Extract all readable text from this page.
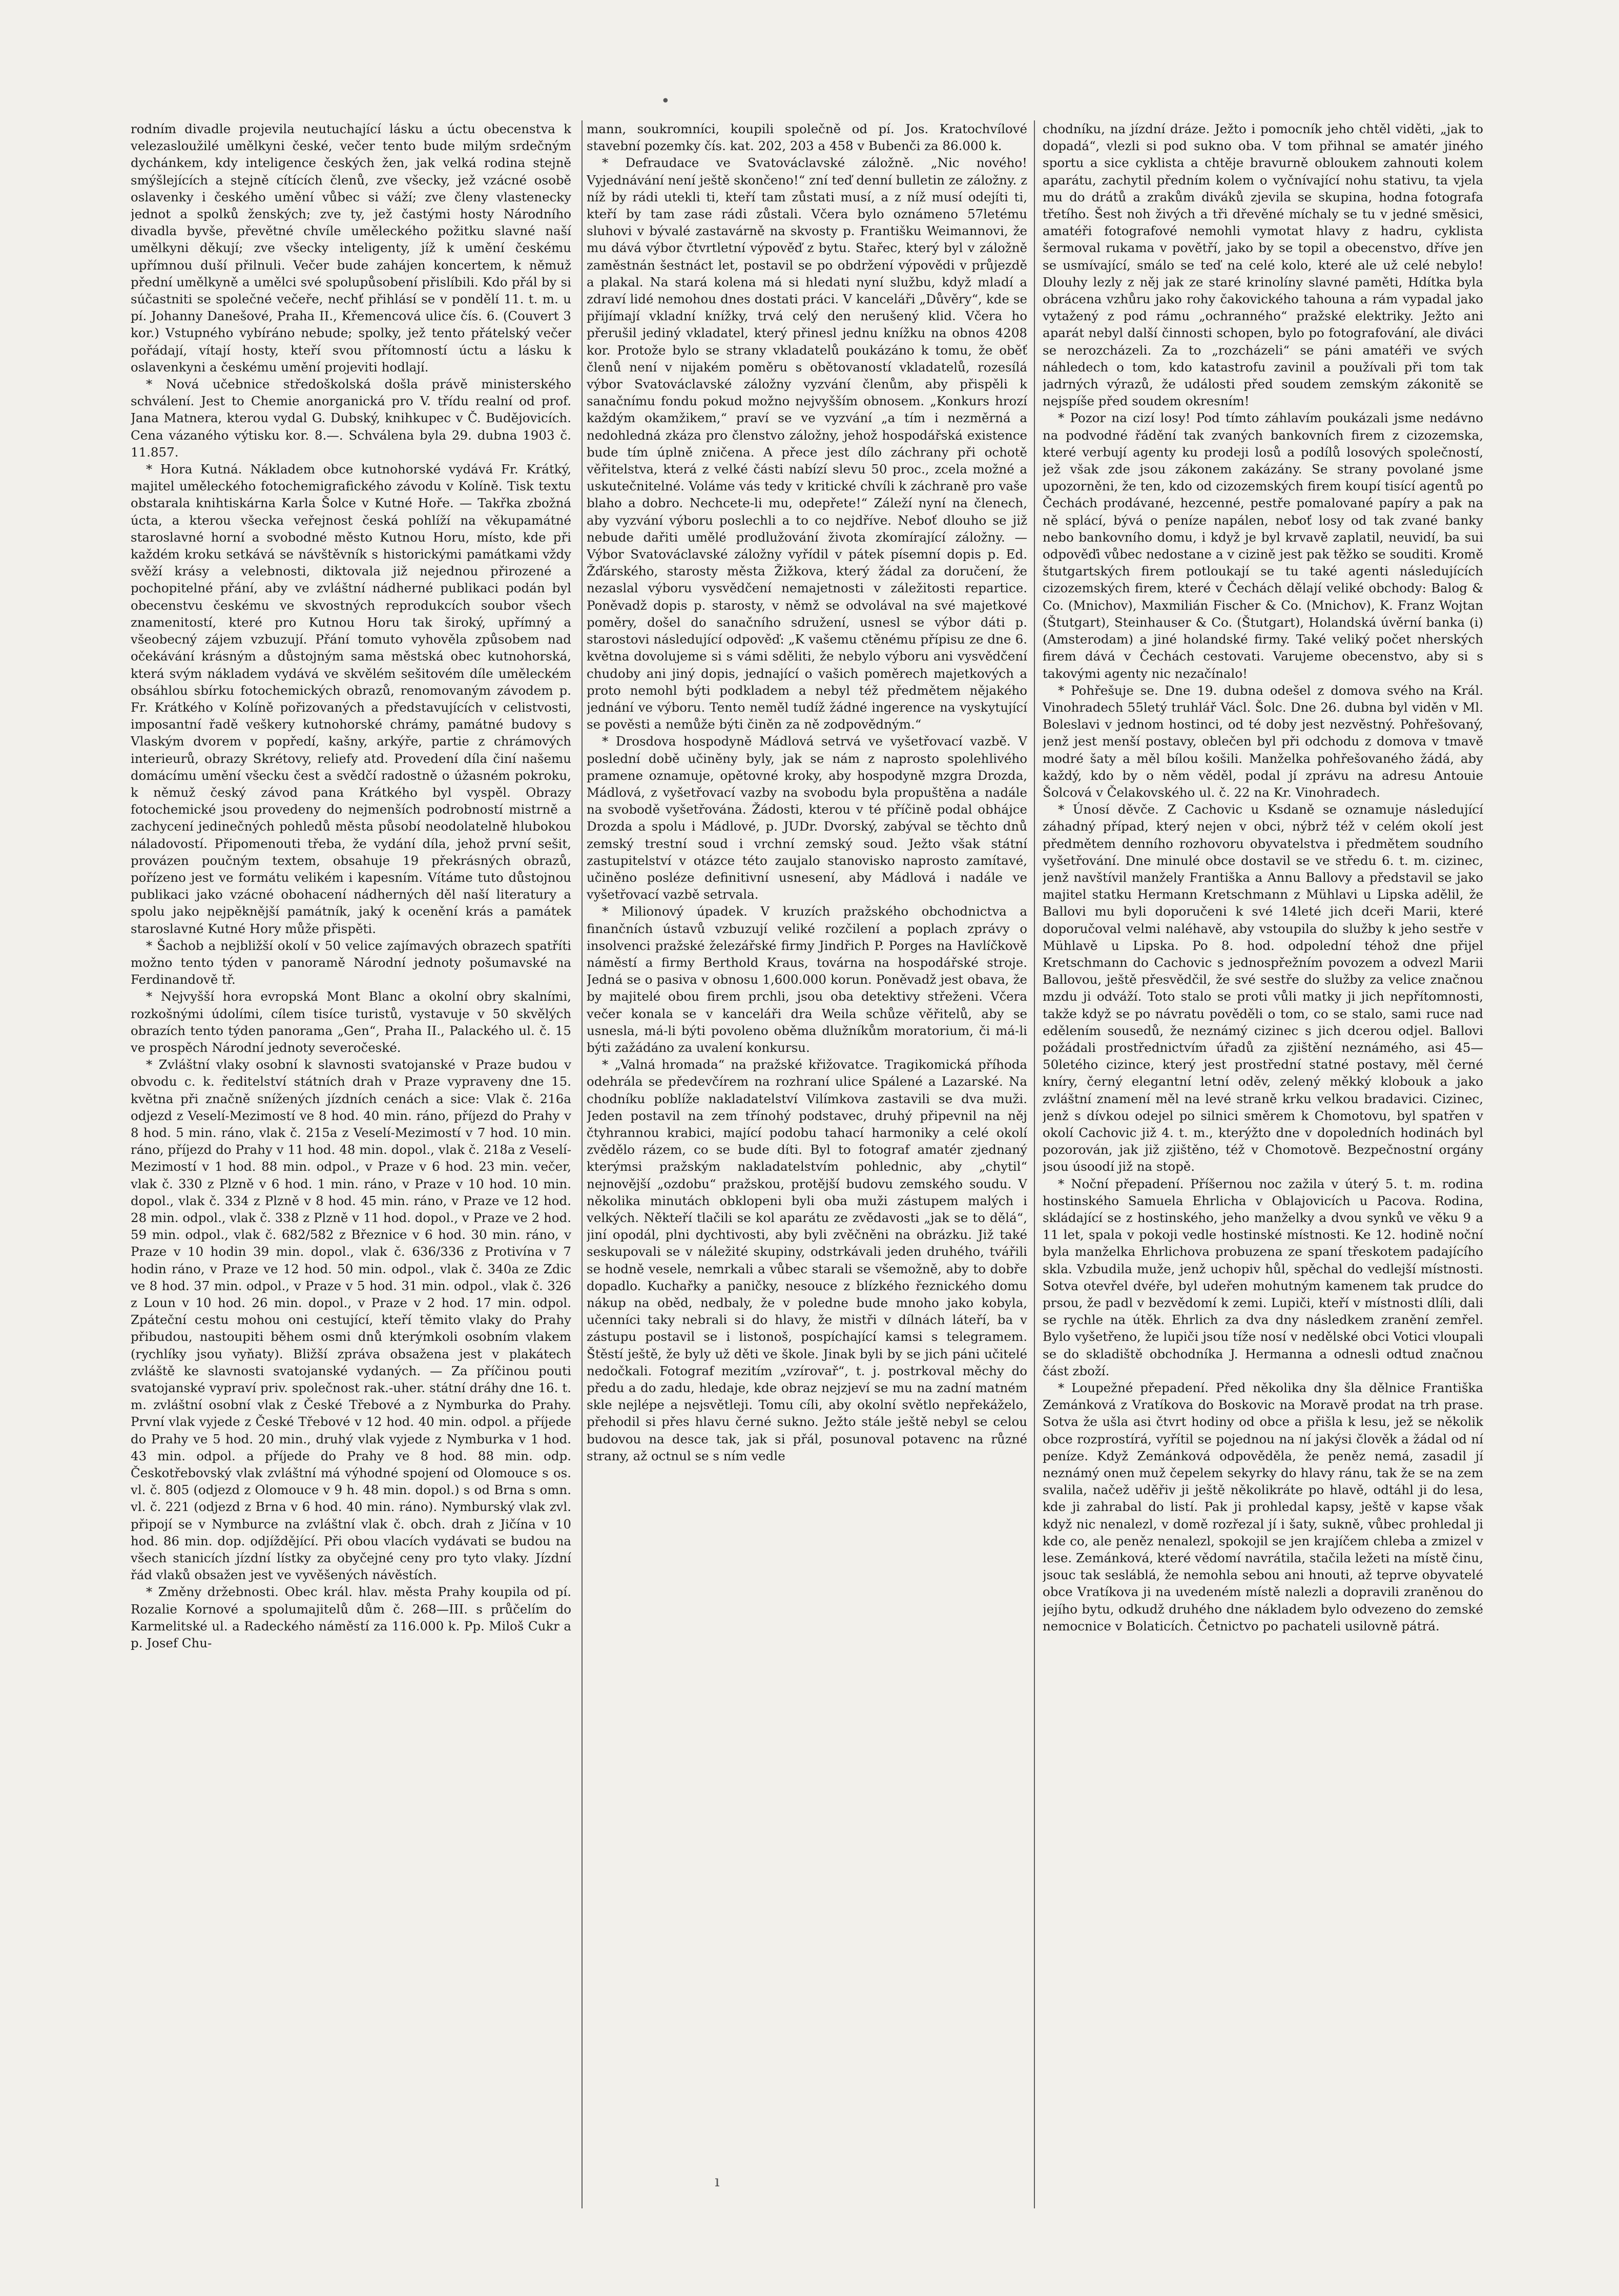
•
ı

rodním divadle projevila neutuchající lásku a úctu obecenstva k velezasloužilé umělkyni české, večer tento bude milým srdečným dychánkem, kdy inteligence českých žen, jak velká rodina stejně smýšlejících a stejně cítících členů, zve všecky, jež vzácné osobě oslavenky i českého umění vůbec si váží; zve členy vlastenecky jednot a spolků ženských; zve ty, jež častými hosty Národního divadla byvše, převětné chvíle uměleckého požitku slavné naší umělkyni děkují; zve všecky inteligenty, jíž k umění českému upřímnou duší přilnuli. Večer bude zahájen koncertem, k němuž přední umělkyně a umělci své spolupůsobení přislíbili. Kdo přál by si súčastniti se společné večeře, nechť přihlásí se v pondělí 11. t. m. u pí. Johanny Danešové, Praha II., Křemencová ulice čís. 6. (Couvert 3 kor.) Vstupného vybíráno nebude; spolky, jež tento přátelský večer pořádají, vítají hosty, kteří svou přítomností úctu a lásku k oslavenkyni a českému umění projeviti hodlají.

* Nová učebnice středoškolská došla právě ministerského schválení. Jest to Chemie anorganická pro V. třídu realní od prof. Jana Matnera, kterou vydal G. Dubský, knihkupec v Č. Budějovicích. Cena vázaného výtisku kor. 8.—. Schválena byla 29. dubna 1903 č. 11.857.

* Hora Kutná. Nákladem obce kutnohorské vydává Fr. Krátký, majitel uměleckého fotochemigrafického závodu v Kolíně. Tisk textu obstarala knihtiskárna Karla Šolce v Kutné Hoře. — Takřka zbožná úcta, a kterou všecka veřejnost česká pohlíží na věkupamátné staroslavné horní a svobodné město Kutnou Horu, místo, kde při každém kroku setkává se návštěvník s historickými památkami vždy svěží krásy a velebnosti, diktovala již nejednou přirozené a pochopitelné přání, aby ve zvláštní nádherné publikaci podán byl obecenstvu českému ve skvostných reprodukcích soubor všech znamenitostí, které pro Kutnou Horu tak široký, upřímný a všeobecný zájem vzbuzují. Přání tomuto vyhověla způsobem nad očekávání krásným a důstojným sama městská obec kutnohorská, která svým nákladem vydává ve skvělém sešitovém díle uměleckém obsáhlou sbírku fotochemických obrazů, renomovaným závodem p. Fr. Krátkého v Kolíně pořizovaných a představujících v celistvosti, imposantní řadě veškery kutnohorské chrámy, památné budovy s Vlaským dvorem v popředí, kašny, arkýře, partie z chrámových interieurů, obrazy Skrétovy, reliefy atd. Provedení díla činí našemu domácímu umění všecku čest a svědčí radostně o úžasném pokroku, k němuž český závod pana Krátkého byl vyspěl. Obrazy fotochemické jsou provedeny do nejmenších podrobností mistrně a zachycení jedinečných pohledů města působí neodolatelně hlubokou náladovostí. Připomenouti třeba, že vydání díla, jehož první sešit, provázen poučným textem, obsahuje 19 překrásných obrazů, pořízeno jest ve formátu velikém i kapesním. Vítáme tuto důstojnou publikaci jako vzácné obohacení nádherných děl naší literatury a spolu jako nejpěknější památník, jaký k ocenění krás a památek staroslavné Kutné Hory může přispěti.

* Šachob a nejbližší okolí v 50 velice zajímavých obrazech spatříti možno tento týden v panoramě Národní jednoty pošumavské na Ferdinandově tř.

* Nejvyšší hora evropská Mont Blanc a okolní obry skalními, rozkošnými údolími, cílem tisíce turistů, vystavuje v 50 skvělých obrazích tento týden panorama „Gen“, Praha II., Palackého ul. č. 15 ve prospěch Národní jednoty severočeské.

* Zvláštní vlaky osobní k slavnosti svatojanské v Praze budou v obvodu c. k. ředitelství státních drah v Praze vypraveny dne 15. května při značně snížených jízdních cenách a sice: Vlak č. 216a odjezd z Veselí-Mezimostí ve 8 hod. 40 min. ráno, příjezd do Prahy v 8 hod. 5 min. ráno, vlak č. 215a z Veselí-Mezimostí v 7 hod. 10 min. ráno, příjezd do Prahy v 11 hod. 48 min. dopol., vlak č. 218a z Veselí-Mezimostí v 1 hod. 88 min. odpol., v Praze v 6 hod. 23 min. večer, vlak č. 330 z Plzně v 6 hod. 1 min. ráno, v Praze v 10 hod. 10 min. dopol., vlak č. 334 z Plzně v 8 hod. 45 min. ráno, v Praze ve 12 hod. 28 min. odpol., vlak č. 338 z Plzně v 11 hod. dopol., v Praze ve 2 hod. 59 min. odpol., vlak č. 682/582 z Březnice v 6 hod. 30 min. ráno, v Praze v 10 hodin 39 min. dopol., vlak č. 636/336 z Protivína v 7 hodin ráno, v Praze ve 12 hod. 50 min. odpol., vlak č. 340a ze Zdic ve 8 hod. 37 min. odpol., v Praze v 5 hod. 31 min. odpol., vlak č. 326 z Loun v 10 hod. 26 min. dopol., v Praze v 2 hod. 17 min. odpol. Zpáteční cestu mohou oni cestující, kteří těmito vlaky do Prahy přibudou, nastoupiti během osmi dnů kterýmkoli osobním vlakem (rychlíky jsou vyňaty). Bližší zpráva obsažena jest v plakátech zvláště ke slavnosti svatojanské vydaných. — Za příčinou pouti svatojanské vypraví priv. společnost rak.-uher. státní dráhy dne 16. t. m. zvláštní osobní vlak z České Třebové a z Nymburka do Prahy. První vlak vyjede z České Třebové v 12 hod. 40 min. odpol. a příjede do Prahy ve 5 hod. 20 min., druhý vlak vyjede z Nymburka v 1 hod. 43 min. odpol. a příjede do Prahy ve 8 hod. 88 min. odp. Českotřebovský vlak zvláštní má výhodné spojení od Olomouce s os. vl. č. 805 (odjezd z Olomouce v 9 h. 48 min. dopol.) s od Brna s omn. vl. č. 221 (odjezd z Brna v 6 hod. 40 min. ráno). Nymburský vlak zvl. připojí se v Nymburce na zvláštní vlak č. obch. drah z Jičína v 10 hod. 86 min. dop. odjíždějící. Při obou vlacích vydávati se budou na všech stanicích jízdní lístky za obyčejné ceny pro tyto vlaky. Jízdní řád vlaků obsažen jest ve vyvěšených návěstích.

* Změny držebnosti. Obec král. hlav. města Prahy koupila od pí. Rozalie Kornové a spolumajitelů dům č. 268—III. s průčelím do Karmelitské ul. a Radeckého náměstí za 116.000 k. Pp. Miloš Cukr a p. Josef Chu-

mann, soukromníci, koupili společně od pí. Jos. Kratochvílové stavební pozemky čís. kat. 202, 203 a 458 v Bubenči za 86.000 k.

* Defraudace ve Svatováclavské záložně. „Nic nového! Vyjednávání není ještě skončeno!“ zní teď denní bulletin ze záložny. z níž by rádi utekli ti, kteří tam zůstati musí, a z níž musí odejíti ti, kteří by tam zase rádi zůstali. Včera bylo oznámeno 57letému sluhovi v bývalé zastavárně na skvosty p. Františku Weimannovi, že mu dává výbor čtvrtletní výpověď z bytu. Stařec, který byl v záložně zaměstnán šestnáct let, postavil se po obdržení výpovědi v průjezdě a plakal. Na stará kolena má si hledati nyní službu, když mladí a zdraví lidé nemohou dnes dostati práci. V kanceláři „Důvěry“, kde se přijímají vkladní knížky, trvá celý den nerušený klid. Včera ho přerušil jediný vkladatel, který přinesl jednu knížku na obnos 4208 kor. Protože bylo se strany vkladatelů poukázáno k tomu, že oběť členů není v nijakém poměru s obětovaností vkladatelů, rozesílá výbor Svatováclavské záložny vyzvání členům, aby přispěli k sanačnímu fondu pokud možno nejvyšším obnosem. „Konkurs hrozí každým okamžikem,“ praví se ve vyzvání „a tím i nezměrná a nedohledná zkáza pro členstvo záložny, jehož hospodářská existence bude tím úplně zničena. A přece jest dílo záchrany při ochotě věřitelstva, která z velké části nabízí slevu 50 proc., zcela možné a uskutečnitelné. Voláme vás tedy v kritické chvíli k záchraně pro vaše blaho a dobro. Nechcete-li mu, odepřete!“ Záleží nyní na členech, aby vyzvání výboru poslechli a to co nejdříve. Neboť dlouho se již nebude dařiti umělé prodlužování života zkomírající záložny. — Výbor Svatováclavské záložny vyřídil v pátek písemní dopis p. Ed. Žďárského, starosty města Žižkova, který žádal za doručení, že nezaslal výboru vysvědčení nemajetnosti v záležitosti repartice. Poněvadž dopis p. starosty, v němž se odvolával na své majetkové poměry, došel do sanačního sdružení, usnesl se výbor dáti p. starostovi následující odpověď: „K vašemu ctěnému přípisu ze dne 6. května dovolujeme si s vámi sděliti, že nebylo výboru ani vysvědčení chudoby ani jiný dopis, jednající o vašich poměrech majetkových a proto nemohl býti podkladem a nebyl též předmětem nějakého jednání ve výboru. Tento neměl tudíž žádné ingerence na vyskytující se pověsti a nemůže býti činěn za ně zodpovědným.“

* Drosdova hospodyně Mádlová setrvá ve vyšetřovací vazbě. V poslední době učiněny byly, jak se nám z naprosto spolehlivého pramene oznamuje, opětovné kroky, aby hospodyně mzgra Drozda, Mádlová, z vyšetřovací vazby na svobodu byla propuštěna a nadále na svobodě vyšetřována. Žádosti, kterou v té příčině podal obhájce Drozda a spolu i Mádlové, p. JUDr. Dvorský, zabýval se těchto dnů zemský trestní soud i vrchní zemský soud. Ježto však státní zastupitelství v otázce této zaujalo stanovisko naprosto zamítavé, učiněno posléze definitivní usnesení, aby Mádlová i nadále ve vyšetřovací vazbě setrvala.

* Milionový úpadek. V kruzích pražského obchodnictva a finančních ústavů vzbuzují veliké rozčilení a poplach zprávy o insolvenci pražské železářské firmy Jindřich P. Porges na Havlíčkově náměstí a firmy Berthold Kraus, továrna na hospodářské stroje. Jedná se o pasiva v obnosu 1,600.000 korun. Poněvadž jest obava, že by majitelé obou firem prchli, jsou oba detektivy střeženi. Včera večer konala se v kanceláři dra Weila schůze věřitelů, aby se usnesla, má-li býti povoleno oběma dlužníkům moratorium, či má-li býti zažádáno za uvalení konkursu.

* „Valná hromada“ na pražské křižovatce. Tragikomická příhoda odehrála se předevčírem na rozhraní ulice Spálené a Lazarské. Na chodníku poblíže nakladatelství Vilímkova zastavili se dva muži. Jeden postavil na zem třínohý podstavec, druhý připevnil na něj čtyhrannou krabici, mající podobu tahací harmoniky a celé okolí zvědělo rázem, co se bude díti. Byl to fotograf amatér zjednaný kterýmsi pražským nakladatelstvím pohlednic, aby „chytil“ nejnovější „ozdobu“ pražskou, protější budovu zemského soudu. V několika minutách obklopeni byli oba muži zástupem malých i velkých. Někteří tlačili se kol aparátu ze zvědavosti „jak se to dělá“, jiní opodál, plni dychtivosti, aby byli zvěčněni na obrázku. Již také seskupovali se v náležité skupiny, odstrkávali jeden druhého, tvářili se hodně vesele, nemrkali a vůbec starali se všemožně, aby to dobře dopadlo. Kuchařky a paničky, nesouce z blízkého řeznického domu nákup na oběd, nedbaly, že v poledne bude mnoho jako kobyla, učenníci taky nebrali si do hlavy, že mistři v dílnách láteří, ba v zástupu postavil se i listonoš, pospíchající kamsi s telegramem. Štěstí ještě, že byly už děti ve škole. Jinak byli by se jich páni učitelé nedočkali. Fotograf mezitím „vzírovař“, t. j. postrkoval měchy do předu a do zadu, hledaje, kde obraz nejzjeví se mu na zadní matném skle nejlépe a nejsvětleji. Tomu cíli, aby okolní světlo nepřekáželo, přehodil si přes hlavu černé sukno. Ježto stále ještě nebyl se celou budovou na desce tak, jak si přál, posunoval potavenc na různé strany, až octnul se s ním vedle

chodníku, na jízdní dráze. Ježto i pomocník jeho chtěl viděti, „jak to dopadá“, vlezli si pod sukno oba. V tom přihnal se amatér jiného sportu a sice cyklista a chtěje bravurně obloukem zahnouti kolem aparátu, zachytil předním kolem o vyčnívající nohu stativu, ta vjela mu do drátů a zrakům diváků zjevila se skupina, hodna fotografa třetího. Šest noh živých a tři dřevěné míchaly se tu v jedné směsici, amatéři fotografové nemohli vymotat hlavy z hadru, cyklista šermoval rukama v povětří, jako by se topil a obecenstvo, dříve jen se usmívající, smálo se teď na celé kolo, které ale už celé nebylo! Dlouhy lezly z něj jak ze staré krinolíny slavné paměti, Hdítka byla obrácena vzhůru jako rohy čakovického tahouna a rám vypadal jako vytažený z pod rámu „ochranného“ pražské elektriky. Ježto ani aparát nebyl další činnosti schopen, bylo po fotografování, ale diváci se nerozcházeli. Za to „rozcházeli“ se páni amatéři ve svých náhledech o tom, kdo katastrofu zavinil a používali při tom tak jadrných výrazů, že události před soudem zemským zákonitě se nejspíše před soudem okresním!

* Pozor na cizí losy! Pod tímto záhlavím poukázali jsme nedávno na podvodné řádění tak zvaných bankovních firem z cizozemska, které verbují agenty ku prodeji losů a podílů losových společností, jež však zde jsou zákonem zakázány. Se strany povolané jsme upozorněni, že ten, kdo od cizozemských firem koupí tisící agentů po Čechách prodávané, hezcenné, pestře pomalované papíry a pak na ně splácí, bývá o peníze napálen, neboť losy od tak zvané banky nebo bankovního domu, i když je byl krvavě zaplatil, neuvidí, ba sui odpověďi vůbec nedostane a v cizině jest pak těžko se souditi. Kromě štutgartských firem potloukají se tu také agenti následujících cizozemských firem, které v Čechách dělají veliké obchody: Balog & Co. (Mnichov), Maxmilián Fischer & Co. (Mnichov), K. Franz Wojtan (Štutgart), Steinhauser & Co. (Štutgart), Holandská úvěrní banka (i) (Amsterodam) a jiné holandské firmy. Také veliký počet nherských firem dává v Čechách cestovati. Varujeme obecenstvo, aby si s takovými agenty nic nezačínalo!

* Pohřešuje se. Dne 19. dubna odešel z domova svého na Král. Vinohradech 55letý truhlář Václ. Šolc. Dne 26. dubna byl viděn v Ml. Boleslavi v jednom hostinci, od té doby jest nezvěstný. Pohřešovaný, jenž jest menší postavy, oblečen byl při odchodu z domova v tmavě modré šaty a měl bílou košili. Manželka pohřešovaného žádá, aby každý, kdo by o něm věděl, podal jí zprávu na adresu Antouie Šolcová v Čelakovského ul. č. 22 na Kr. Vinohradech.

* Únosí děvče. Z Cachovic u Ksdaně se oznamuje následující záhadný případ, který nejen v obci, nýbrž též v celém okolí jest předmětem denního rozhovoru obyvatelstva i předmětem soudního vyšetřování. Dne minulé obce dostavil se ve středu 6. t. m. cizinec, jenž navštívil manžely Františka a Annu Ballovy a představil se jako majitel statku Hermann Kretschmann z Mühlavi u Lipska adělil, že Ballovi mu byli doporučeni k své 14leté jich dceři Marii, které doporučoval velmi naléhavě, aby vstoupila do služby k jeho sestře v Mühlavě u Lipska. Po 8. hod. odpolední téhož dne přijel Kretschmann do Cachovic s jednospřežním povozem a odvezl Marii Ballovou, ještě přesvědčil, že své sestře do služby za velice značnou mzdu ji odváží. Toto stalo se proti vůli matky ji jich nepřítomnosti, takže když se po návratu pověděli o tom, co se stalo, sami ruce nad edělením sousedů, že neznámý cizinec s jich dcerou odjel. Ballovi požádali prostřednictvím úřadů za zjištění neznámého, asi 45—50letého cizince, který jest prostřední statné postavy, měl černé kníry, černý elegantní letní oděv, zelený měkký klobouk a jako zvláštní znamení měl na levé straně krku velkou bradavici. Cizinec, jenž s dívkou odejel po silnici směrem k Chomotovu, byl spatřen v okolí Cachovic již 4. t. m., kterýžto dne v dopoledních hodinách byl pozorován, jak již zjištěno, též v Chomotově. Bezpečnostní orgány jsou úsoodí již na stopě.

* Noční přepadení. Příšernou noc zažila v úterý 5. t. m. rodina hostinského Samuela Ehrlicha v Oblajovicích u Pacova. Rodina, skládající se z hostinského, jeho manželky a dvou synků ve věku 9 a 11 let, spala v pokoji vedle hostinské místnosti. Ke 12. hodině noční byla manželka Ehrlichova probuzena ze spaní třeskotem padajícího skla. Vzbudila muže, jenž uchopiv hůl, spěchal do vedlejší místnosti. Sotva otevřel dvéře, byl udeřen mohutným kamenem tak prudce do prsou, že padl v bezvědomí k zemi. Lupiči, kteří v místnosti dlíli, dali se rychle na útěk. Ehrlich za dva dny následkem zranění zemřel. Bylo vyšetřeno, že lupiči jsou tíže nosí v nedělské obci Votici vloupali se do skladiště obchodníka J. Hermanna a odnesli odtud značnou část zboží.

* Loupežné přepadení. Před několika dny šla dělnice Františka Zemánková z Vratíkova do Boskovic na Moravě prodat na trh prase. Sotva že ušla asi čtvrt hodiny od obce a přišla k lesu, jež se několik obce rozprostírá, vyřítil se pojednou na ní jakýsi člověk a žádal od ní peníze. Když Zemánková odpověděla, že peněz nemá, zasadil jí neznámý onen muž čepelem sekyrky do hlavy ránu, tak že se na zem svalila, načež uděřiv ji ještě několikráte po hlavě, odtáhl ji do lesa, kde ji zahrabal do listí. Pak ji prohledal kapsy, ještě v kapse však když nic nenalezl, v domě rozřezal jí i šaty, sukně, vůbec prohledal ji kde co, ale peněz nenalezl, spokojil se jen krajíčem chleba a zmizel v lese. Zemánková, které vědomí navrátila, stačila ležeti na místě činu, jsouc tak sesláblá, že nemohla sebou ani hnouti, až teprve obyvatelé obce Vratíkova ji na uvedeném místě nalezli a dopravili zraněnou do jejího bytu, odkudž druhého dne nákladem bylo odvezeno do zemské nemocnice v Bolaticích. Četnictvo po pachateli usilovně pátrá.
